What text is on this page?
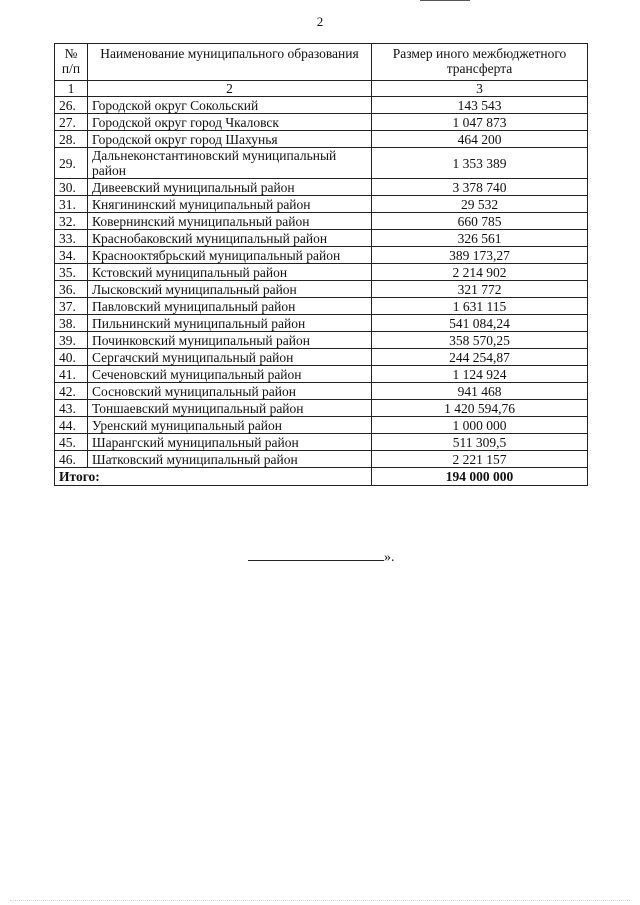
2
№
п/п	Наименование муниципального образования	Размер иного межбюджетного трансферта
1	2	3
26.	Городской округ Сокольский	143 543
27.	Городской округ город Чкаловск	1 047 873
28.	Городской округ город Шахунья	464 200
29.	Дальнеконстантиновский муниципальный район	1 353 389
30.	Дивеевский муниципальный район	3 378 740
31.	Княгининский муниципальный район	29 532
32.	Ковернинский муниципальный район	660 785
33.	Краснобаковский муниципальный район	326 561
34.	Краснооктябрьский муниципальный район	389 173,27
35.	Кстовский муниципальный район	2 214 902
36.	Лысковский муниципальный район	321 772
37.	Павловский муниципальный район	1 631 115
38.	Пильнинский муниципальный район	541 084,24
39.	Починковский муниципальный район	358 570,25
40.	Сергачский муниципальный район	244 254,87
41.	Сеченовский муниципальный район	1 124 924
42.	Сосновский муниципальный район	941 468
43.	Тоншаевский муниципальный район	1 420 594,76
44.	Уренский муниципальный район	1 000 000
45.	Шарангский муниципальный район	511 309,5
46.	Шатковский муниципальный район	2 221 157
Итого:		194 000 000
».
